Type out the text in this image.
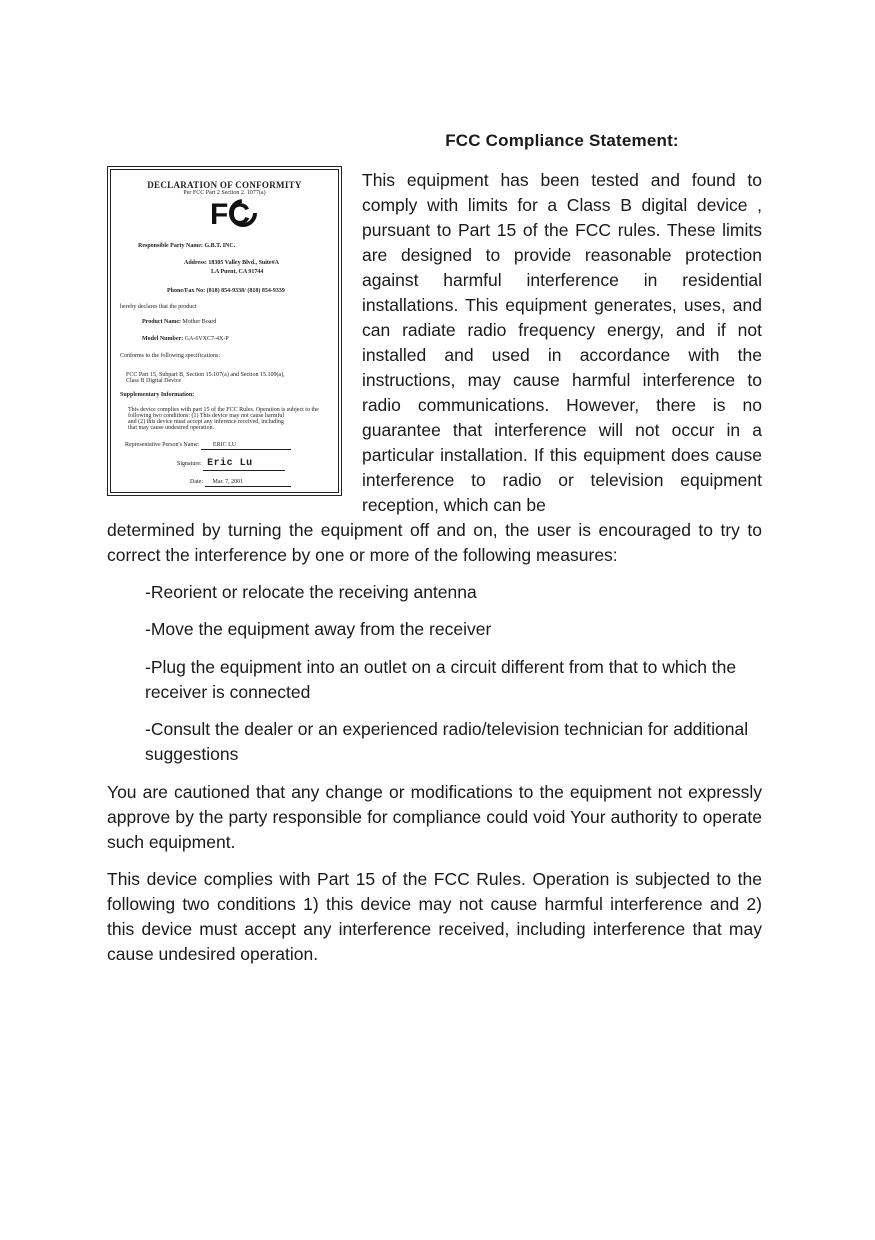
FCC Compliance Statement:
DECLARATION OF CONFORMITY
Per FCC Part 2 Section 2. 1077(a)
FC
Responsible Party Name: G.B.T. INC.
Address: 18305 Valley Blvd., Suite#A
LA Puent, CA 91744
Phone/Fax No: (818) 854-9338/ (818) 854-9339
hereby declares that the product
Product Name: Mother Board
Model Number: GA-6VXC7-4X-P
Conforms to the following specifications:
FCC Part 15, Subpart B, Section 15.107(a) and Section 15.109(a),
Class B Digital Device
Supplementary Information:
This device complies with part 15 of the FCC Rules. Operation is subject to the
following two conditions: (1) This device may not cause harmful
and (2) this device must accept any inference received, including
that may cause undesired operation.
Representative Person's Name: ERIC LU
Signature: Eric Lu
Date: Mar. 7, 2001
This equipment has been tested and found to comply with limits for a Class B digital device , pursuant to Part 15 of the FCC rules. These limits are designed to provide reasonable protection against harmful interference in residential installations. This equipment generates, uses, and can radiate radio frequency energy, and if not installed and used in accordance with the instructions, may cause harmful interference to radio communications. However, there is no guarantee that interference will not occur in a particular installation. If this equipment does cause interference to radio or television equipment reception, which can be
determined by turning the equipment off and on, the user is encouraged to try to correct the interference by one or more of the following measures:
-Reorient or relocate the receiving antenna
-Move the equipment away from the receiver
-Plug the equipment into an outlet on a circuit different from that to which the receiver is connected
-Consult the dealer or an experienced radio/television technician for additional suggestions
You are cautioned that any change or modifications to the equipment not expressly approve by the party responsible for compliance could void Your authority to operate such equipment.
This device complies with Part 15 of the FCC Rules. Operation is subjected to the following two conditions 1) this device may not cause harmful interference and 2) this device must accept any interference received, including interference that may cause undesired operation.
